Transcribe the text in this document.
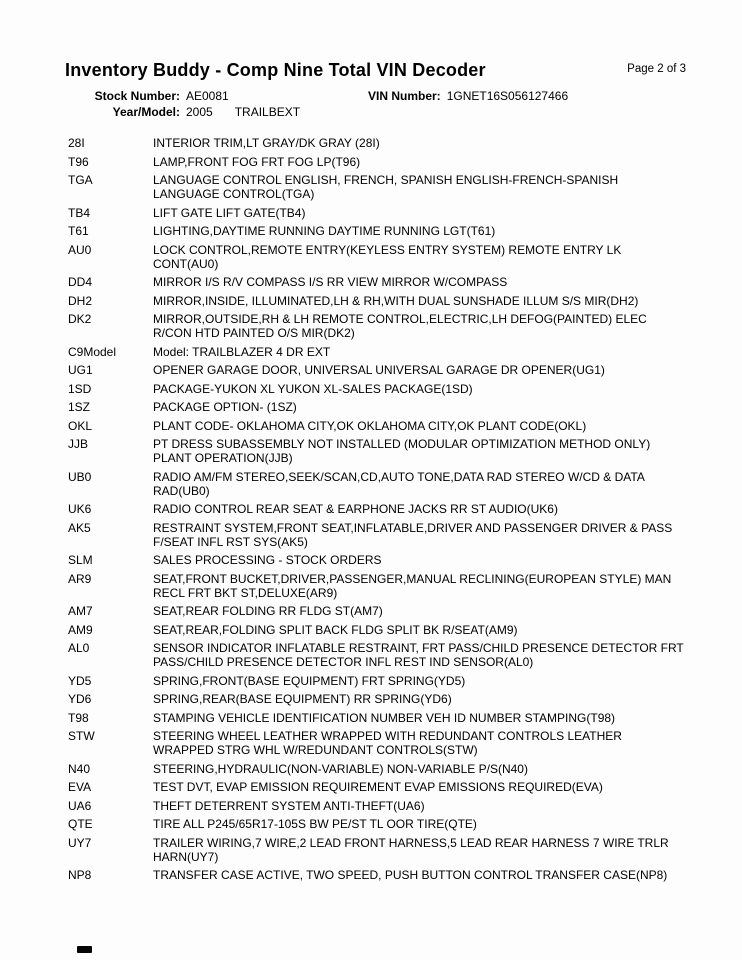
Inventory Buddy - Comp Nine Total VIN Decoder	Page 2 of 3
Stock Number: AE0081	VIN Number: 1GNET16S056127466
Year/Model: 2005 TRAILBEXT
28I	INTERIOR TRIM,LT GRAY/DK GRAY (28I)
T96	LAMP,FRONT FOG FRT FOG LP(T96)
TGA	LANGUAGE CONTROL ENGLISH, FRENCH, SPANISH ENGLISH-FRENCH-SPANISH LANGUAGE CONTROL(TGA)
TB4	LIFT GATE LIFT GATE(TB4)
T61	LIGHTING,DAYTIME RUNNING DAYTIME RUNNING LGT(T61)
AU0	LOCK CONTROL,REMOTE ENTRY(KEYLESS ENTRY SYSTEM) REMOTE ENTRY LK CONT(AU0)
DD4	MIRROR I/S R/V COMPASS I/S RR VIEW MIRROR W/COMPASS
DH2	MIRROR,INSIDE, ILLUMINATED,LH & RH,WITH DUAL SUNSHADE ILLUM S/S MIR(DH2)
DK2	MIRROR,OUTSIDE,RH & LH REMOTE CONTROL,ELECTRIC,LH DEFOG(PAINTED) ELEC R/CON HTD PAINTED O/S MIR(DK2)
C9Model	Model: TRAILBLAZER 4 DR EXT
UG1	OPENER GARAGE DOOR, UNIVERSAL UNIVERSAL GARAGE DR OPENER(UG1)
1SD	PACKAGE-YUKON XL YUKON XL-SALES PACKAGE(1SD)
1SZ	PACKAGE OPTION- (1SZ)
OKL	PLANT CODE- OKLAHOMA CITY,OK OKLAHOMA CITY,OK PLANT CODE(OKL)
JJB	PT DRESS SUBASSEMBLY NOT INSTALLED (MODULAR OPTIMIZATION METHOD ONLY) PLANT OPERATION(JJB)
UB0	RADIO AM/FM STEREO,SEEK/SCAN,CD,AUTO TONE,DATA RAD STEREO W/CD & DATA RAD(UB0)
UK6	RADIO CONTROL REAR SEAT & EARPHONE JACKS RR ST AUDIO(UK6)
AK5	RESTRAINT SYSTEM,FRONT SEAT,INFLATABLE,DRIVER AND PASSENGER DRIVER & PASS F/SEAT INFL RST SYS(AK5)
SLM	SALES PROCESSING - STOCK ORDERS
AR9	SEAT,FRONT BUCKET,DRIVER,PASSENGER,MANUAL RECLINING(EUROPEAN STYLE) MAN RECL FRT BKT ST,DELUXE(AR9)
AM7	SEAT,REAR FOLDING RR FLDG ST(AM7)
AM9	SEAT,REAR,FOLDING SPLIT BACK FLDG SPLIT BK R/SEAT(AM9)
AL0	SENSOR INDICATOR INFLATABLE RESTRAINT, FRT PASS/CHILD PRESENCE DETECTOR FRT PASS/CHILD PRESENCE DETECTOR INFL REST IND SENSOR(AL0)
YD5	SPRING,FRONT(BASE EQUIPMENT) FRT SPRING(YD5)
YD6	SPRING,REAR(BASE EQUIPMENT) RR SPRING(YD6)
T98	STAMPING VEHICLE IDENTIFICATION NUMBER VEH ID NUMBER STAMPING(T98)
STW	STEERING WHEEL LEATHER WRAPPED WITH REDUNDANT CONTROLS LEATHER WRAPPED STRG WHL W/REDUNDANT CONTROLS(STW)
N40	STEERING,HYDRAULIC(NON-VARIABLE) NON-VARIABLE P/S(N40)
EVA	TEST DVT, EVAP EMISSION REQUIREMENT EVAP EMISSIONS REQUIRED(EVA)
UA6	THEFT DETERRENT SYSTEM ANTI-THEFT(UA6)
QTE	TIRE ALL P245/65R17-105S BW PE/ST TL OOR TIRE(QTE)
UY7	TRAILER WIRING,7 WIRE,2 LEAD FRONT HARNESS,5 LEAD REAR HARNESS 7 WIRE TRLR HARN(UY7)
NP8	TRANSFER CASE ACTIVE, TWO SPEED, PUSH BUTTON CONTROL TRANSFER CASE(NP8)
